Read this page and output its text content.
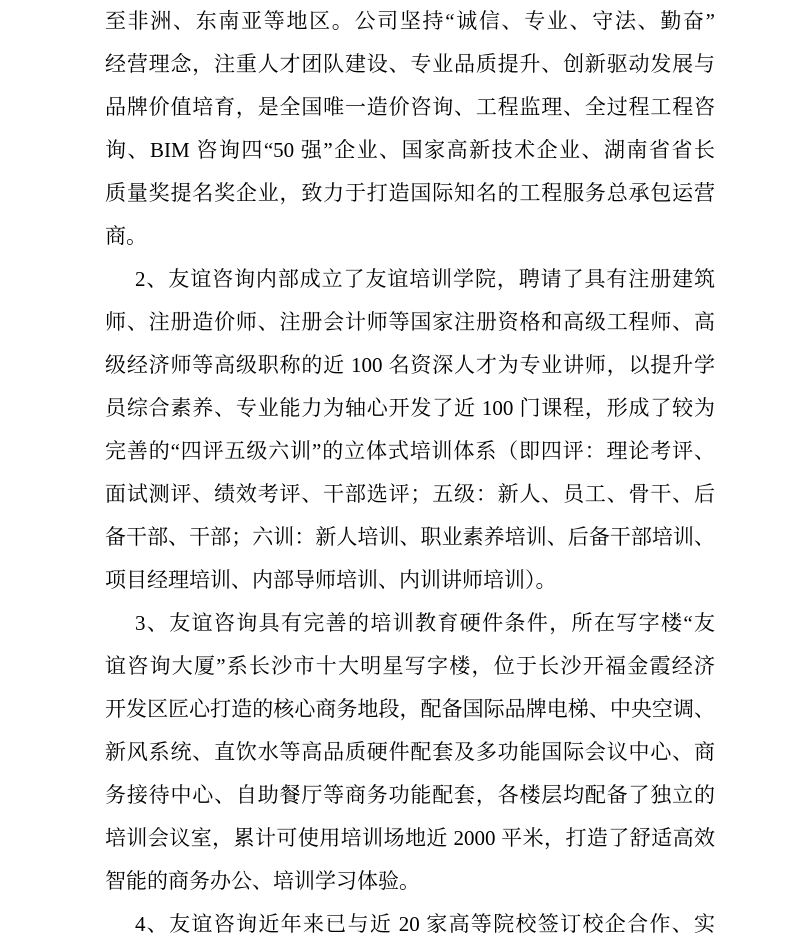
至非洲、东南亚等地区。公司坚持“诚信、专业、守法、勤奋”
经营理念，注重人才团队建设、专业品质提升、创新驱动发展与
品牌价值培育，是全国唯一造价咨询、工程监理、全过程工程咨
询、BIM 咨询四“50 强”企业、国家高新技术企业、湖南省省长
质量奖提名奖企业，致力于打造国际知名的工程服务总承包运营
商。
2、友谊咨询内部成立了友谊培训学院，聘请了具有注册建筑
师、注册造价师、注册会计师等国家注册资格和高级工程师、高
级经济师等高级职称的近 100 名资深人才为专业讲师，以提升学
员综合素养、专业能力为轴心开发了近 100 门课程，形成了较为
完善的“四评五级六训”的立体式培训体系（即四评：理论考评、
面试测评、绩效考评、干部选评；五级：新人、员工、骨干、后
备干部、干部；六训：新人培训、职业素养培训、后备干部培训、
项目经理培训、内部导师培训、内训讲师培训）。
3、友谊咨询具有完善的培训教育硬件条件，所在写字楼“友
谊咨询大厦”系长沙市十大明星写字楼，位于长沙开福金霞经济
开发区匠心打造的核心商务地段，配备国际品牌电梯、中央空调、
新风系统、直饮水等高品质硬件配套及多功能国际会议中心、商
务接待中心、自助餐厅等商务功能配套，各楼层均配备了独立的
培训会议室，累计可使用培训场地近 2000 平米，打造了舒适高效
智能的商务办公、培训学习体验。
4、友谊咨询近年来已与近 20 家高等院校签订校企合作、实
